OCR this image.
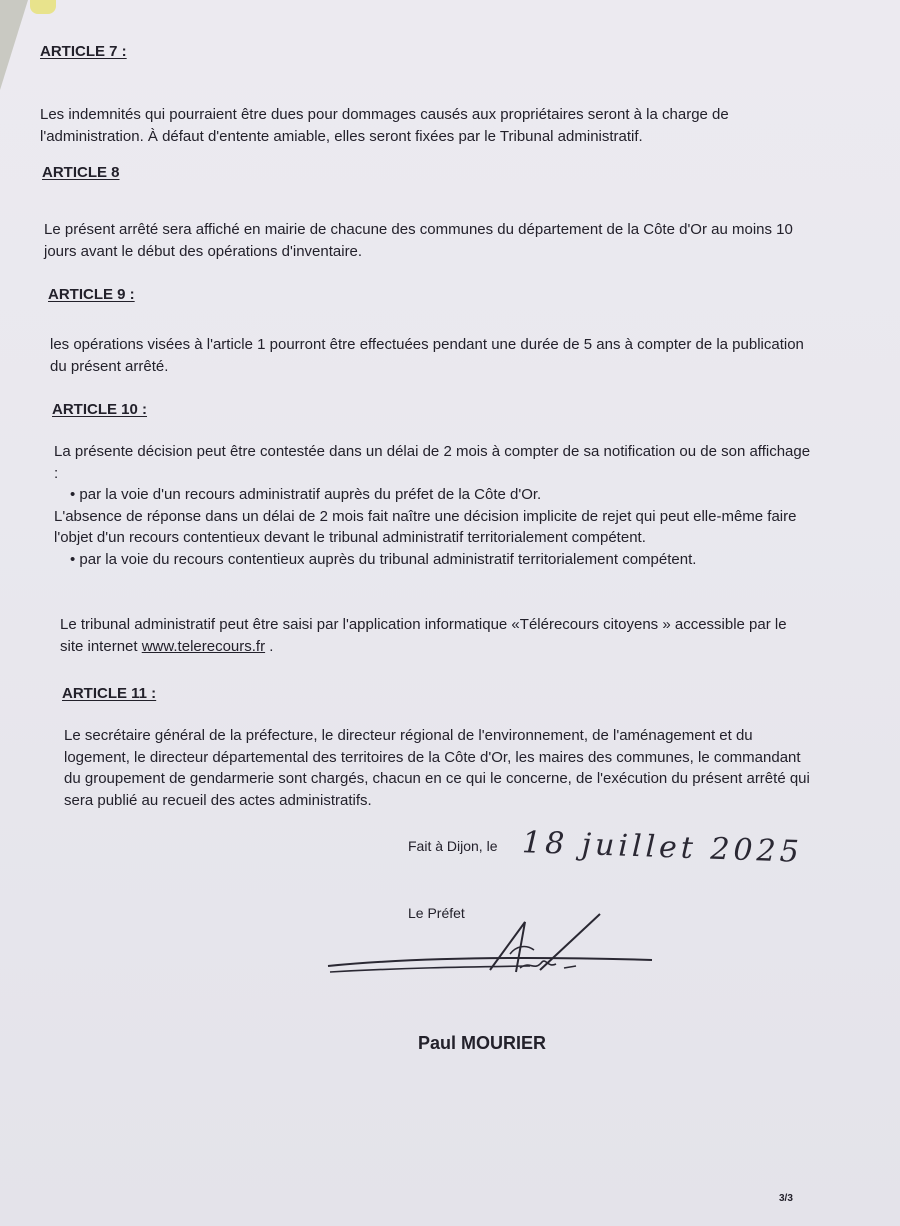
ARTICLE 7 :

Les indemnités qui pourraient être dues pour dommages causés aux propriétaires seront à la charge de l'administration. À défaut d'entente amiable, elles seront fixées par le Tribunal administratif.

ARTICLE 8

Le présent arrêté sera affiché en mairie de chacune des communes du département de la Côte d'Or au moins 10 jours avant le début des opérations d'inventaire.

ARTICLE 9 :

les opérations visées à l'article 1 pourront être effectuées pendant une durée de 5 ans à compter de la publication du présent arrêté.

ARTICLE 10 :

La présente décision peut être contestée dans un délai de 2 mois à compter de sa notification ou de son affichage :

• par la voie d'un recours administratif auprès du préfet de la Côte d'Or.

L'absence de réponse dans un délai de 2 mois fait naître une décision implicite de rejet qui peut elle-même faire l'objet d'un recours contentieux devant le tribunal administratif territorialement compétent.

• par la voie du recours contentieux auprès du tribunal administratif territorialement compétent.

Le tribunal administratif peut être saisi par l'application informatique «Télérecours citoyens » accessible par le site internet www.telerecours.fr .

ARTICLE 11 :

Le secrétaire général de la préfecture, le directeur régional de l'environnement, de l'aménagement et du logement, le directeur départemental des territoires de la Côte d'Or, les maires des communes, le commandant du groupement de gendarmerie sont chargés, chacun en ce qui le concerne, de l'exécution du présent arrêté qui sera publié au recueil des actes administratifs.

Fait à Dijon, le 18 juillet 2025
Le Préfet
Paul MOURIER
3/3
